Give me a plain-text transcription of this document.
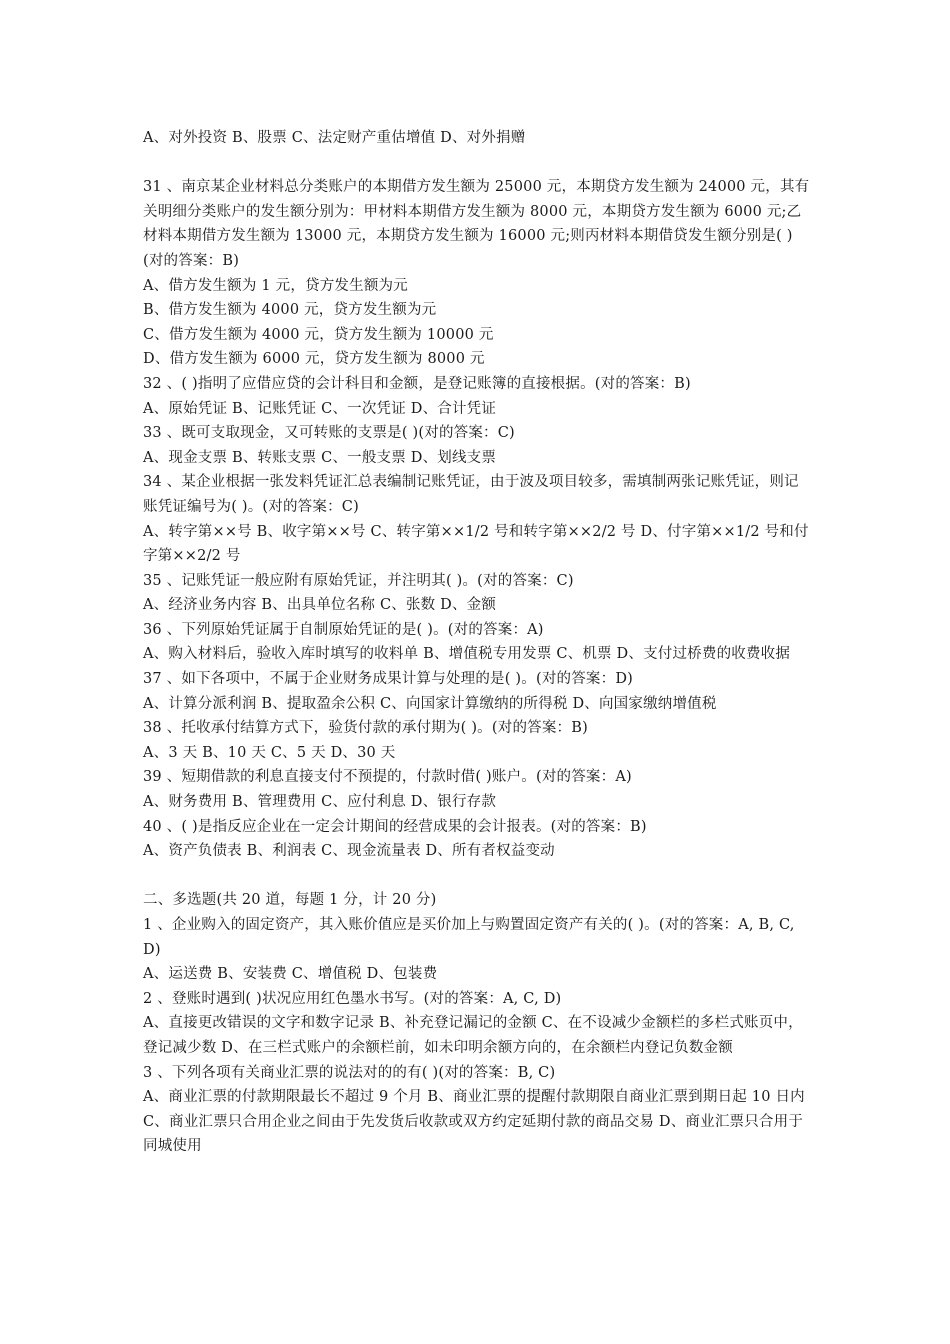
A、对外投资 B、股票 C、法定财产重估增值 D、对外捐赠
31 、南京某企业材料总分类账户的本期借方发生额为 25000 元，本期贷方发生额为 24000 元，其有关明细分类账户的发生额分别为：甲材料本期借方发生额为 8000 元，本期贷方发生额为 6000 元;乙材料本期借方发生额为 13000 元，本期贷方发生额为 16000 元;则丙材料本期借贷发生额分别是( )(对的答案：B)
A、借方发生额为 1 元，贷方发生额为元
B、借方发生额为 4000 元，贷方发生额为元
C、借方发生额为 4000 元，贷方发生额为 10000 元
D、借方发生额为 6000 元，贷方发生额为 8000 元
32 、( )指明了应借应贷的会计科目和金额，是登记账簿的直接根据。(对的答案：B)
A、原始凭证 B、记账凭证 C、一次凭证 D、合计凭证
33 、既可支取现金，又可转账的支票是( )(对的答案：C)
A、现金支票 B、转账支票 C、一般支票 D、划线支票
34 、某企业根据一张发料凭证汇总表编制记账凭证，由于波及项目较多，需填制两张记账凭证，则记账凭证编号为( )。(对的答案：C)
A、转字第××号 B、收字第××号 C、转字第××1/2 号和转字第××2/2 号 D、付字第××1/2 号和付字第××2/2 号
35 、记账凭证一般应附有原始凭证，并注明其( )。(对的答案：C)
A、经济业务内容 B、出具单位名称 C、张数 D、金额
36 、下列原始凭证属于自制原始凭证的是( )。(对的答案：A)
A、购入材料后，验收入库时填写的收料单 B、增值税专用发票 C、机票 D、支付过桥费的收费收据
37 、如下各项中，不属于企业财务成果计算与处理的是( )。(对的答案：D)
A、计算分派利润 B、提取盈余公积 C、向国家计算缴纳的所得税 D、向国家缴纳增值税
38 、托收承付结算方式下，验货付款的承付期为( )。(对的答案：B)
A、3 天 B、10 天 C、5 天 D、30 天
39 、短期借款的利息直接支付不预提的，付款时借( )账户。(对的答案：A)
A、财务费用 B、管理费用 C、应付利息 D、银行存款
40 、( )是指反应企业在一定会计期间的经营成果的会计报表。(对的答案：B)
A、资产负债表 B、利润表 C、现金流量表 D、所有者权益变动
二、多选题(共 20 道，每题 1 分，计 20 分)
1 、企业购入的固定资产，其入账价值应是买价加上与购置固定资产有关的( )。(对的答案：A, B, C, D)
A、运送费 B、安装费 C、增值税 D、包装费
2 、登账时遇到( )状况应用红色墨水书写。(对的答案：A, C, D)
A、直接更改错误的文字和数字记录 B、补充登记漏记的金额 C、在不设减少金额栏的多栏式账页中，登记减少数 D、在三栏式账户的余额栏前，如未印明余额方向的，在余额栏内登记负数金额
3 、下列各项有关商业汇票的说法对的的有( )(对的答案：B, C)
A、商业汇票的付款期限最长不超过 9 个月 B、商业汇票的提醒付款期限自商业汇票到期日起 10 日内 C、商业汇票只合用企业之间由于先发货后收款或双方约定延期付款的商品交易 D、商业汇票只合用于同城使用
